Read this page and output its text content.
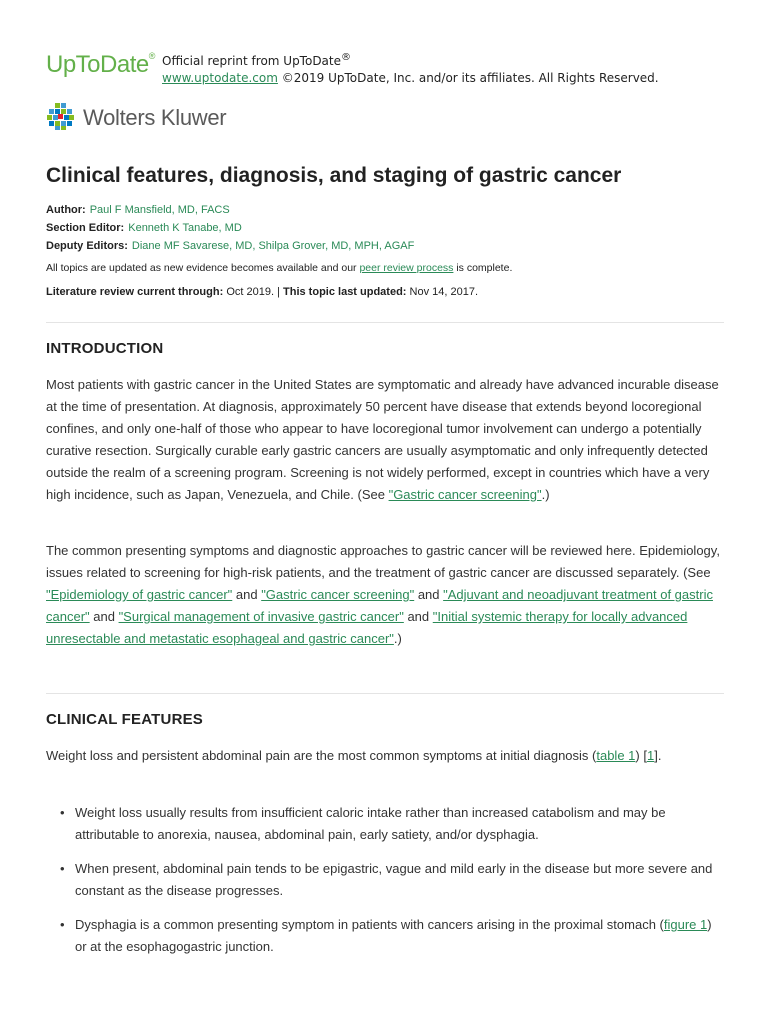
UpToDate® Official reprint from UpToDate®
www.uptodate.com ©2019 UpToDate, Inc. and/or its affiliates. All Rights Reserved.
Wolters Kluwer
Clinical features, diagnosis, and staging of gastric cancer
Author: Paul F Mansfield, MD, FACS
Section Editor: Kenneth K Tanabe, MD
Deputy Editors: Diane MF Savarese, MD, Shilpa Grover, MD, MPH, AGAF
All topics are updated as new evidence becomes available and our peer review process is complete.
Literature review current through: Oct 2019. | This topic last updated: Nov 14, 2017.
INTRODUCTION

Most patients with gastric cancer in the United States are symptomatic and already have advanced incurable disease at the time of presentation. At diagnosis, approximately 50 percent have disease that extends beyond locoregional confines, and only one-half of those who appear to have locoregional tumor involvement can undergo a potentially curative resection. Surgically curable early gastric cancers are usually asymptomatic and only infrequently detected outside the realm of a screening program. Screening is not widely performed, except in countries which have a very high incidence, such as Japan, Venezuela, and Chile. (See "Gastric cancer screening".)

The common presenting symptoms and diagnostic approaches to gastric cancer will be reviewed here. Epidemiology, issues related to screening for high-risk patients, and the treatment of gastric cancer are discussed separately. (See "Epidemiology of gastric cancer" and "Gastric cancer screening" and "Adjuvant and neoadjuvant treatment of gastric cancer" and "Surgical management of invasive gastric cancer" and "Initial systemic therapy for locally advanced unresectable and metastatic esophageal and gastric cancer".)

CLINICAL FEATURES

Weight loss and persistent abdominal pain are the most common symptoms at initial diagnosis (table 1) [1].

• Weight loss usually results from insufficient caloric intake rather than increased catabolism and may be attributable to anorexia, nausea, abdominal pain, early satiety, and/or dysphagia.
• When present, abdominal pain tends to be epigastric, vague and mild early in the disease but more severe and constant as the disease progresses.
• Dysphagia is a common presenting symptom in patients with cancers arising in the proximal stomach (figure 1) or at the esophagogastric junction.
